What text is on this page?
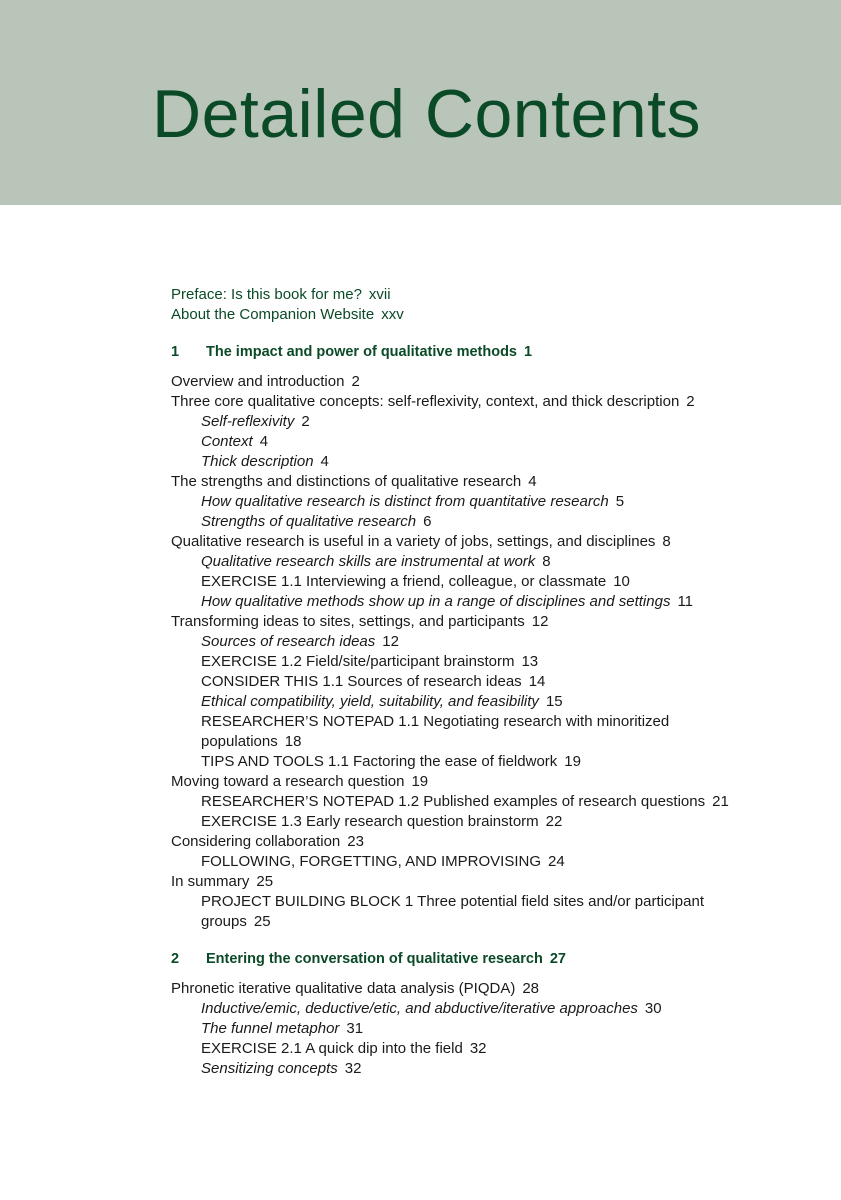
Detailed Contents
Preface: Is this book for me? xvii
About the Companion Website xxv
1 The impact and power of qualitative methods 1
Overview and introduction 2
Three core qualitative concepts: self-reflexivity, context, and thick description 2
Self-reflexivity 2
Context 4
Thick description 4
The strengths and distinctions of qualitative research 4
How qualitative research is distinct from quantitative research 5
Strengths of qualitative research 6
Qualitative research is useful in a variety of jobs, settings, and disciplines 8
Qualitative research skills are instrumental at work 8
EXERCISE 1.1 Interviewing a friend, colleague, or classmate 10
How qualitative methods show up in a range of disciplines and settings 11
Transforming ideas to sites, settings, and participants 12
Sources of research ideas 12
EXERCISE 1.2 Field/site/participant brainstorm 13
CONSIDER THIS 1.1 Sources of research ideas 14
Ethical compatibility, yield, suitability, and feasibility 15
RESEARCHER’S NOTEPAD 1.1 Negotiating research with minoritized populations 18
TIPS AND TOOLS 1.1 Factoring the ease of fieldwork 19
Moving toward a research question 19
RESEARCHER’S NOTEPAD 1.2 Published examples of research questions 21
EXERCISE 1.3 Early research question brainstorm 22
Considering collaboration 23
FOLLOWING, FORGETTING, AND IMPROVISING 24
In summary 25
PROJECT BUILDING BLOCK 1 Three potential field sites and/or participant groups 25
2 Entering the conversation of qualitative research 27
Phronetic iterative qualitative data analysis (PIQDA) 28
Inductive/emic, deductive/etic, and abductive/iterative approaches 30
The funnel metaphor 31
EXERCISE 2.1 A quick dip into the field 32
Sensitizing concepts 32
